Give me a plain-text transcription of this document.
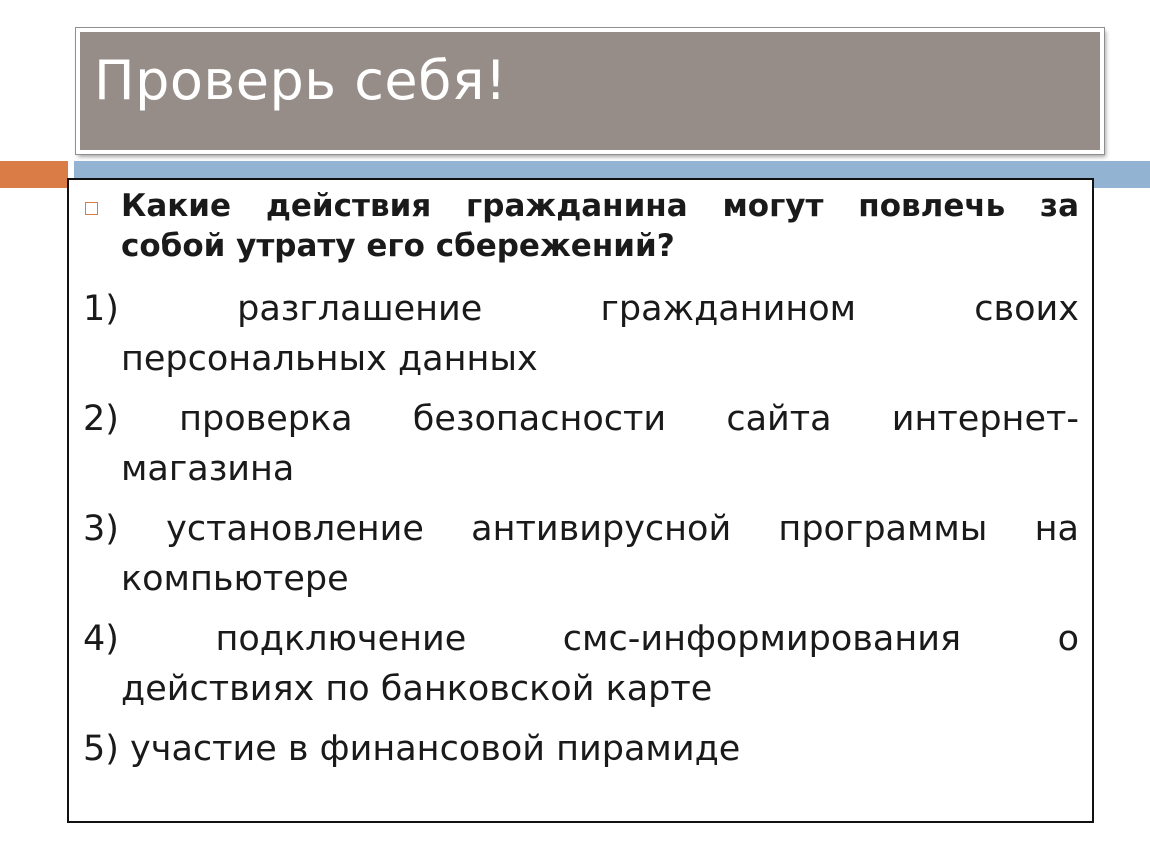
Проверь себя!
Какие действия гражданина могут повлечь за
собой утрату его сбережений?
1) разглашение гражданином своих
персональных данных
2) проверка безопасности сайта интернет-
магазина
3) установление антивирусной программы на
компьютере
4) подключение смс-информирования о
действиях по банковской карте
5) участие в финансовой пирамиде
